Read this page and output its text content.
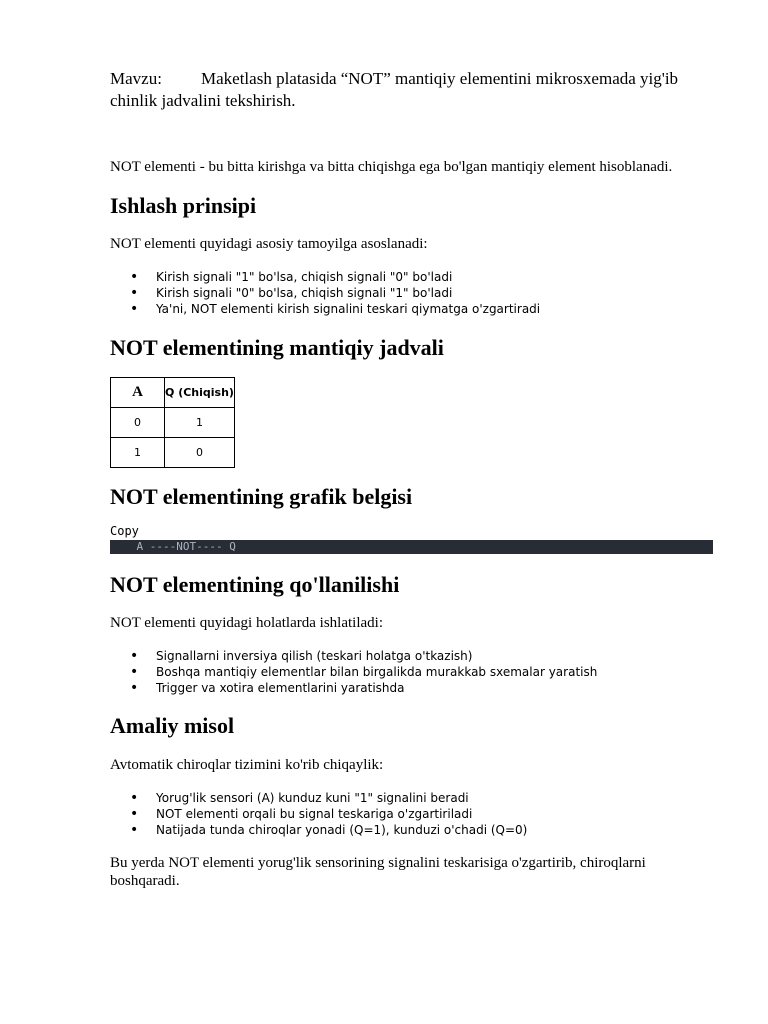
Mavzu: Maketlash platasida “NOT” mantiqiy elementini mikrosxemada yig'ib chinlik jadvalini tekshirish.
NOT elementi - bu bitta kirishga va bitta chiqishga ega bo'lgan mantiqiy element hisoblanadi.
Ishlash prinsipi
NOT elementi quyidagi asosiy tamoyilga asoslanadi:
• Kirish signali "1" bo'lsa, chiqish signali "0" bo'ladi
• Kirish signali "0" bo'lsa, chiqish signali "1" bo'ladi
• Ya'ni, NOT elementi kirish signalini teskari qiymatga o'zgartiradi
NOT elementining mantiqiy jadvali
A	Q (Chiqish)
0	1
1	0
NOT elementining grafik belgisi
Copy
A ----NOT---- Q
NOT elementining qo'llanilishi
NOT elementi quyidagi holatlarda ishlatiladi:
• Signallarni inversiya qilish (teskari holatga o'tkazish)
• Boshqa mantiqiy elementlar bilan birgalikda murakkab sxemalar yaratish
• Trigger va xotira elementlarini yaratishda
Amaliy misol
Avtomatik chiroqlar tizimini ko'rib chiqaylik:
• Yorug'lik sensori (A) kunduz kuni "1" signalini beradi
• NOT elementi orqali bu signal teskariga o'zgartiriladi
• Natijada tunda chiroqlar yonadi (Q=1), kunduzi o'chadi (Q=0)
Bu yerda NOT elementi yorug'lik sensorining signalini teskarisiga o'zgartirib, chiroqlarni boshqaradi.
